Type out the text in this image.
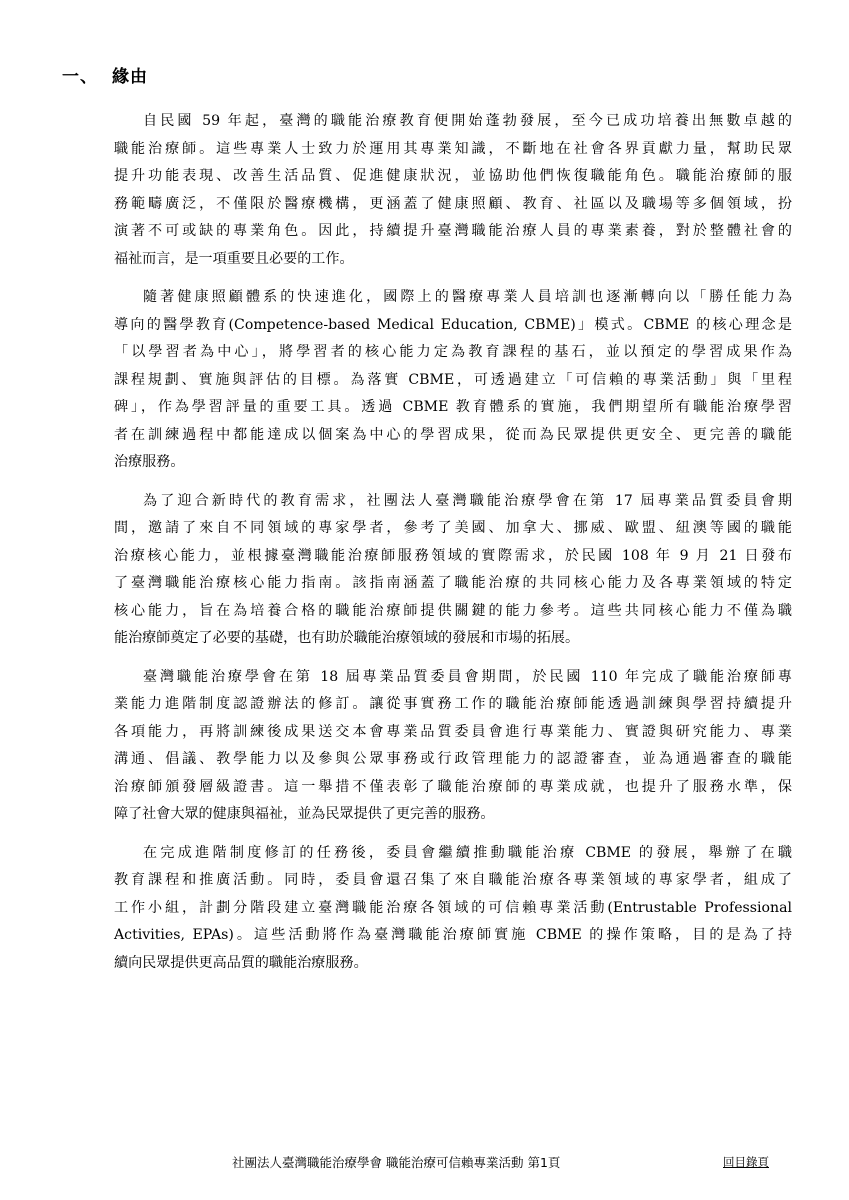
一、 緣由

自民國 59 年起，臺灣的職能治療教育便開始蓬勃發展，至今已成功培養出無數卓越的
職能治療師。這些專業人士致力於運用其專業知識，不斷地在社會各界貢獻力量，幫助民眾
提升功能表現、改善生活品質、促進健康狀況，並協助他們恢復職能角色。職能治療師的服
務範疇廣泛，不僅限於醫療機構，更涵蓋了健康照顧、教育、社區以及職場等多個領域，扮
演著不可或缺的專業角色。因此，持續提升臺灣職能治療人員的專業素養，對於整體社會的
福祉而言，是一項重要且必要的工作。

隨著健康照顧體系的快速進化，國際上的醫療專業人員培訓也逐漸轉向以「勝任能力為
導向的醫學教育(Competence-based Medical Education, CBME)」模式。CBME 的核心理念是
「以學習者為中心」，將學習者的核心能力定為教育課程的基石，並以預定的學習成果作為
課程規劃、實施與評估的目標。為落實 CBME，可透過建立「可信賴的專業活動」與「里程
碑」，作為學習評量的重要工具。透過 CBME 教育體系的實施，我們期望所有職能治療學習
者在訓練過程中都能達成以個案為中心的學習成果，從而為民眾提供更安全、更完善的職能
治療服務。

為了迎合新時代的教育需求，社團法人臺灣職能治療學會在第 17 屆專業品質委員會期
間，邀請了來自不同領域的專家學者，參考了美國、加拿大、挪威、歐盟、紐澳等國的職能
治療核心能力，並根據臺灣職能治療師服務領域的實際需求，於民國 108 年 9 月 21 日發布
了臺灣職能治療核心能力指南。該指南涵蓋了職能治療的共同核心能力及各專業領域的特定
核心能力，旨在為培養合格的職能治療師提供關鍵的能力參考。這些共同核心能力不僅為職
能治療師奠定了必要的基礎，也有助於職能治療領域的發展和市場的拓展。

臺灣職能治療學會在第 18 屆專業品質委員會期間，於民國 110 年完成了職能治療師專
業能力進階制度認證辦法的修訂。讓從事實務工作的職能治療師能透過訓練與學習持續提升
各項能力，再將訓練後成果送交本會專業品質委員會進行專業能力、實證與研究能力、專業
溝通、倡議、教學能力以及參與公眾事務或行政管理能力的認證審查，並為通過審查的職能
治療師頒發層級證書。這一舉措不僅表彰了職能治療師的專業成就，也提升了服務水準，保
障了社會大眾的健康與福祉，並為民眾提供了更完善的服務。

在完成進階制度修訂的任務後，委員會繼續推動職能治療 CBME 的發展，舉辦了在職
教育課程和推廣活動。同時，委員會還召集了來自職能治療各專業領域的專家學者，組成了
工作小組，計劃分階段建立臺灣職能治療各領域的可信賴專業活動(Entrustable Professional
Activities, EPAs)。這些活動將作為臺灣職能治療師實施 CBME 的操作策略，目的是為了持
續向民眾提供更高品質的職能治療服務。

社團法人臺灣職能治療學會 職能治療可信賴專業活動 第1頁	回目錄頁
